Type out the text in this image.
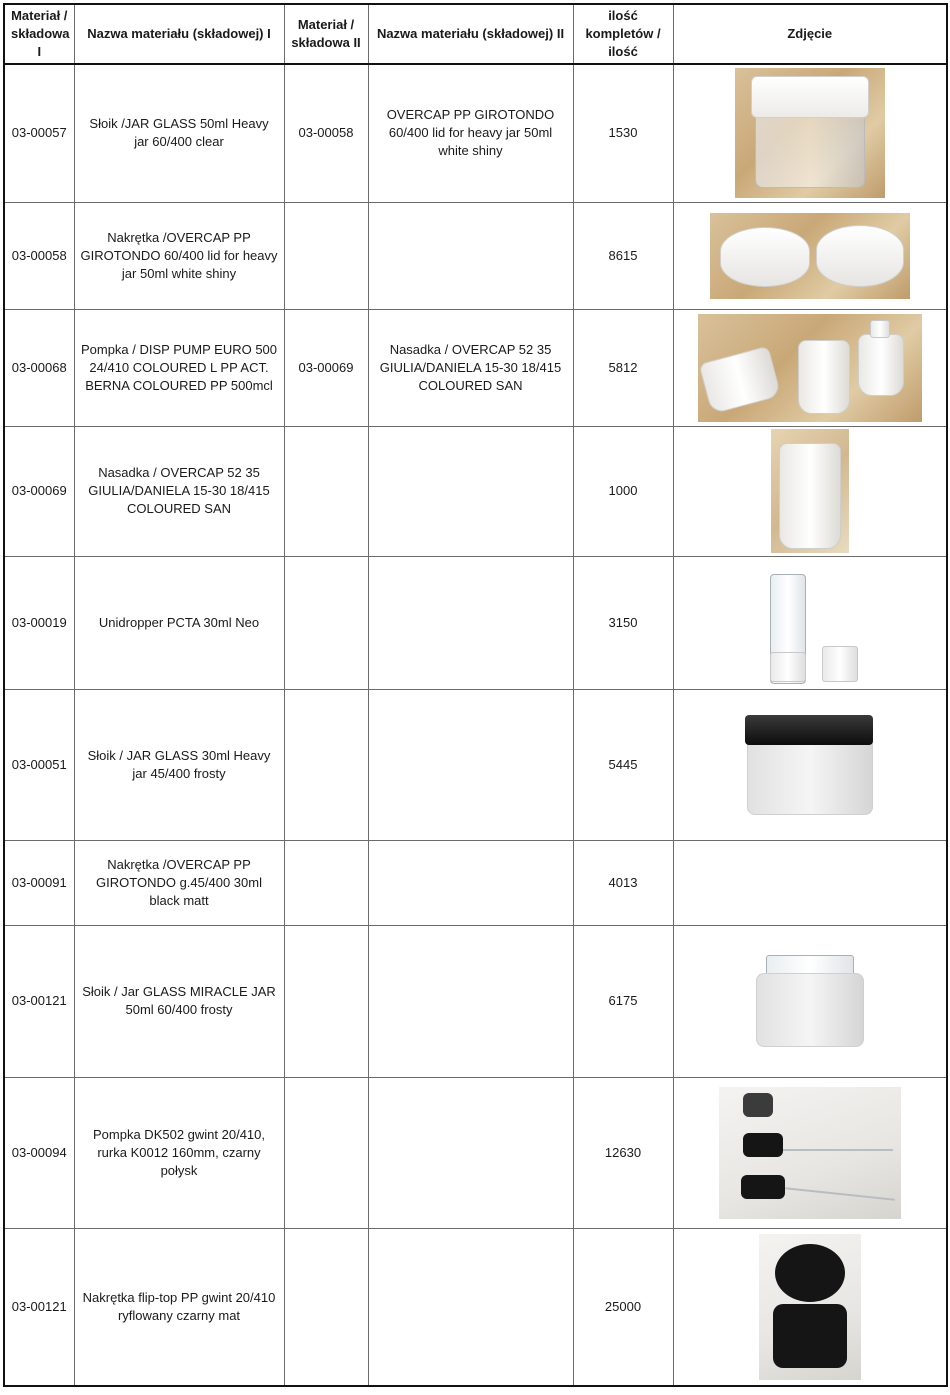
Materiał / składowa I	Nazwa materiału (składowej) I	Materiał / składowa II	Nazwa materiału (składowej) II	ilość kompletów / ilość	Zdjęcie
03-00057	Słoik /JAR GLASS 50ml Heavy jar 60/400 clear	03-00058	OVERCAP PP GIROTONDO 60/400 lid for heavy jar 50ml white shiny	1530	

03-00058	Nakrętka /OVERCAP PP GIROTONDO 60/400 lid for heavy jar 50ml white shiny			8615	

03-00068	Pompka / DISP PUMP EURO 500 24/410 COLOURED L PP ACT. BERNA COLOURED PP 500mcl	03-00069	Nasadka / OVERCAP 52 35 GIULIA/DANIELA 15-30 18/415 COLOURED SAN	5812	

03-00069	Nasadka / OVERCAP 52 35 GIULIA/DANIELA 15-30 18/415 COLOURED SAN			1000	

03-00019	Unidropper PCTA 30ml Neo			3150	

03-00051	Słoik / JAR GLASS 30ml Heavy jar 45/400 frosty			5445	

03-00091	Nakrętka /OVERCAP PP GIROTONDO g.45/400 30ml black matt			4013	
03-00121	Słoik / Jar GLASS MIRACLE JAR 50ml 60/400 frosty			6175	

03-00094	Pompka DK502 gwint 20/410, rurka K0012 160mm, czarny połysk			12630	

03-00121	Nakrętka flip-top PP gwint 20/410 ryflowany czarny mat			25000	
